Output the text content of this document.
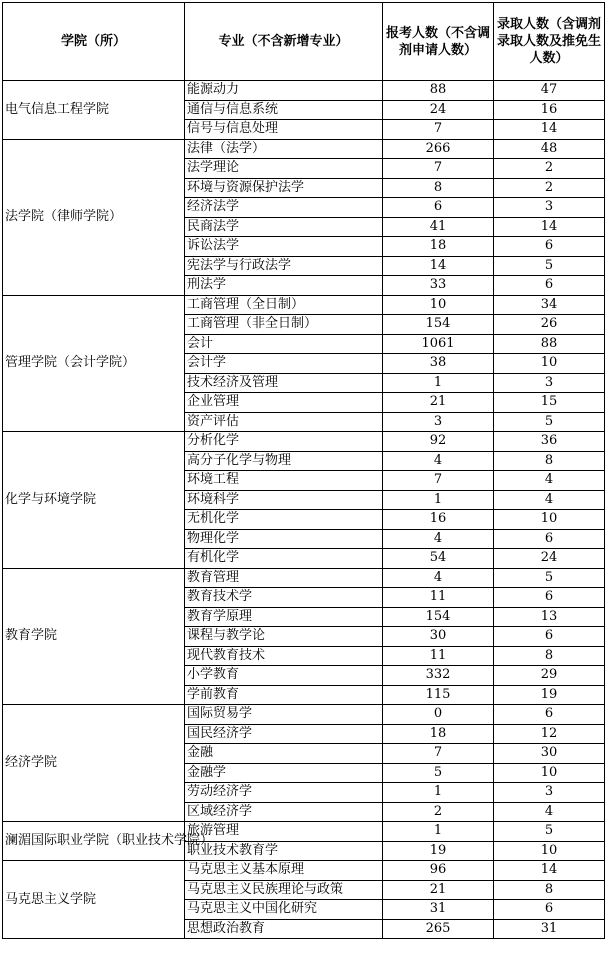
学院（所）	专业（不含新增专业）	报考人数（不含调剂申请人数）	录取人数（含调剂录取人数及推免生人数）
电气信息工程学院	能源动力	88	47
	通信与信息系统	24	16
	信号与信息处理	7	14
法学院（律师学院）	法律（法学）	266	48
	法学理论	7	2
	环境与资源保护法学	8	2
	经济法学	6	3
	民商法学	41	14
	诉讼法学	18	6
	宪法学与行政法学	14	5
	刑法学	33	6
管理学院（会计学院）	工商管理（全日制）	10	34
	工商管理（非全日制）	154	26
	会计	1061	88
	会计学	38	10
	技术经济及管理	1	3
	企业管理	21	15
	资产评估	3	5
化学与环境学院	分析化学	92	36
	高分子化学与物理	4	8
	环境工程	7	4
	环境科学	1	4
	无机化学	16	10
	物理化学	4	6
	有机化学	54	24
教育学院	教育管理	4	5
	教育技术学	11	6
	教育学原理	154	13
	课程与教学论	30	6
	现代教育技术	11	8
	小学教育	332	29
	学前教育	115	19
经济学院	国际贸易学	0	6
	国民经济学	18	12
	金融	7	30
	金融学	5	10
	劳动经济学	1	3
	区域经济学	2	4
澜湄国际职业学院（职业技术学院）	旅游管理	1	5
	职业技术教育学	19	10
马克思主义学院	马克思主义基本原理	96	14
	马克思主义民族理论与政策	21	8
	马克思主义中国化研究	31	6
	思想政治教育	265	31
